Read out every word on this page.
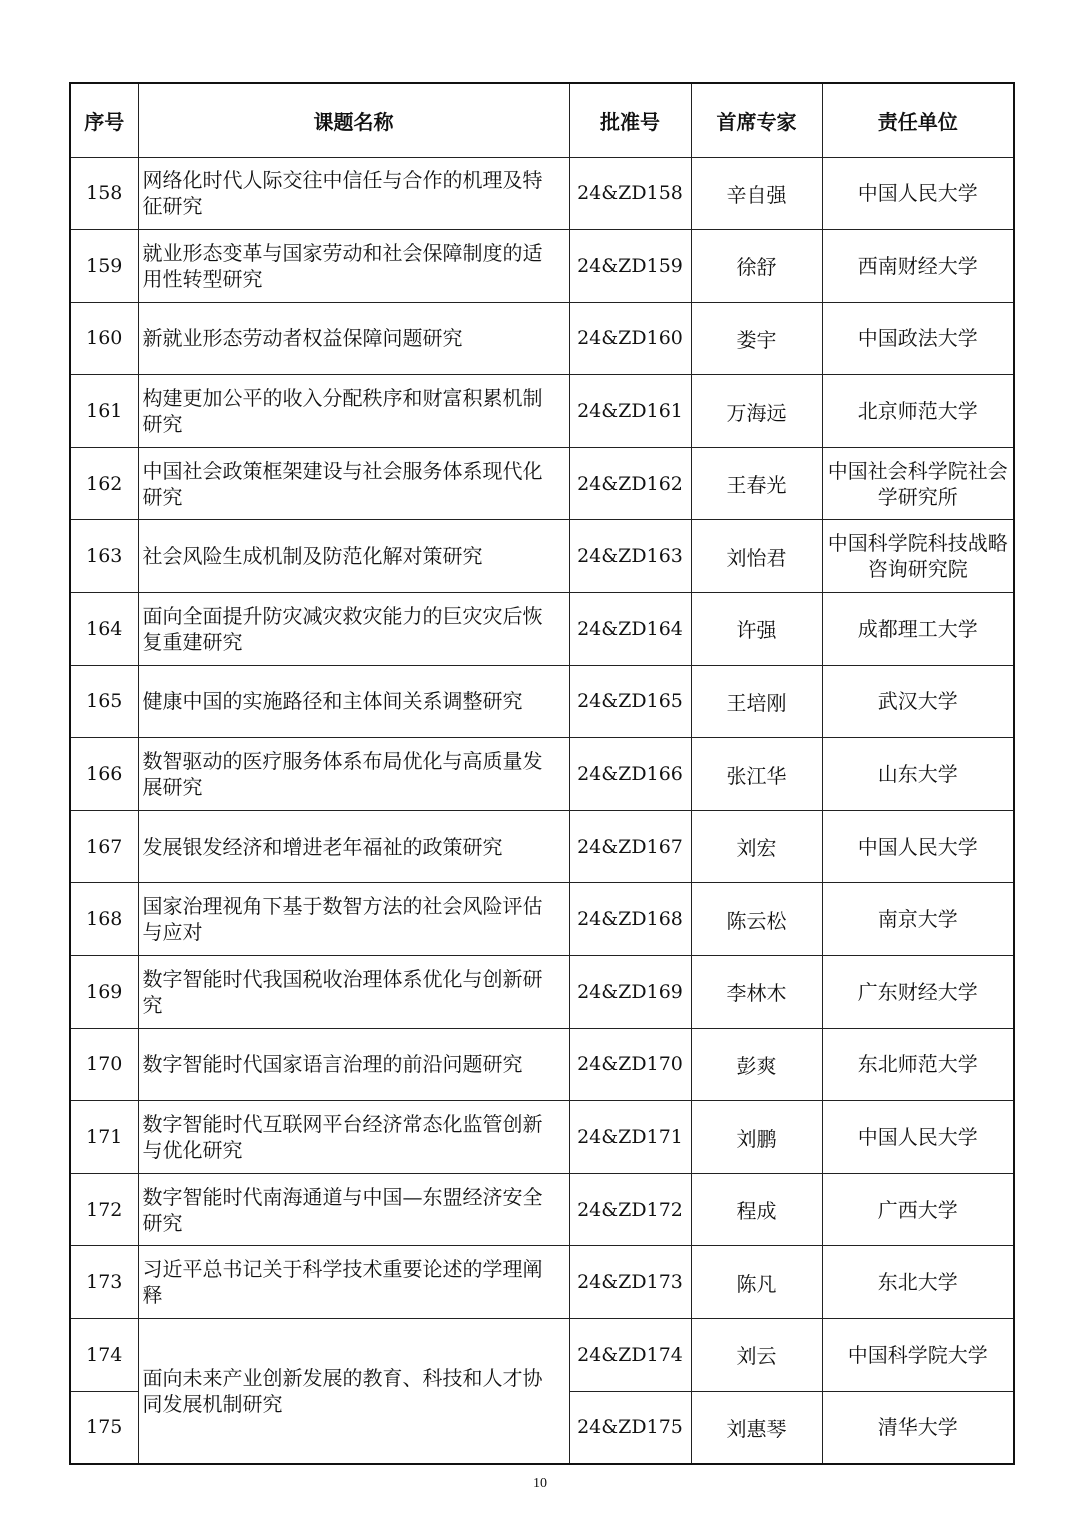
序号	课题名称	批准号	首席专家	责任单位
158	网络化时代人际交往中信任与合作的机理及特征研究	24&ZD158	辛自强	中国人民大学
159	就业形态变革与国家劳动和社会保障制度的适用性转型研究	24&ZD159	徐舒	西南财经大学
160	新就业形态劳动者权益保障问题研究	24&ZD160	娄宇	中国政法大学
161	构建更加公平的收入分配秩序和财富积累机制研究	24&ZD161	万海远	北京师范大学
162	中国社会政策框架建设与社会服务体系现代化研究	24&ZD162	王春光	中国社会科学院社会学研究所
163	社会风险生成机制及防范化解对策研究	24&ZD163	刘怡君	中国科学院科技战略咨询研究院
164	面向全面提升防灾减灾救灾能力的巨灾灾后恢复重建研究	24&ZD164	许强	成都理工大学
165	健康中国的实施路径和主体间关系调整研究	24&ZD165	王培刚	武汉大学
166	数智驱动的医疗服务体系布局优化与高质量发展研究	24&ZD166	张江华	山东大学
167	发展银发经济和增进老年福祉的政策研究	24&ZD167	刘宏	中国人民大学
168	国家治理视角下基于数智方法的社会风险评估与应对	24&ZD168	陈云松	南京大学
169	数字智能时代我国税收治理体系优化与创新研究	24&ZD169	李林木	广东财经大学
170	数字智能时代国家语言治理的前沿问题研究	24&ZD170	彭爽	东北师范大学
171	数字智能时代互联网平台经济常态化监管创新与优化研究	24&ZD171	刘鹏	中国人民大学
172	数字智能时代南海通道与中国—东盟经济安全研究	24&ZD172	程成	广西大学
173	习近平总书记关于科学技术重要论述的学理阐释	24&ZD173	陈凡	东北大学
174	面向未来产业创新发展的教育、科技和人才协同发展机制研究	24&ZD174	刘云	中国科学院大学
175		24&ZD175	刘惠琴	清华大学
10
